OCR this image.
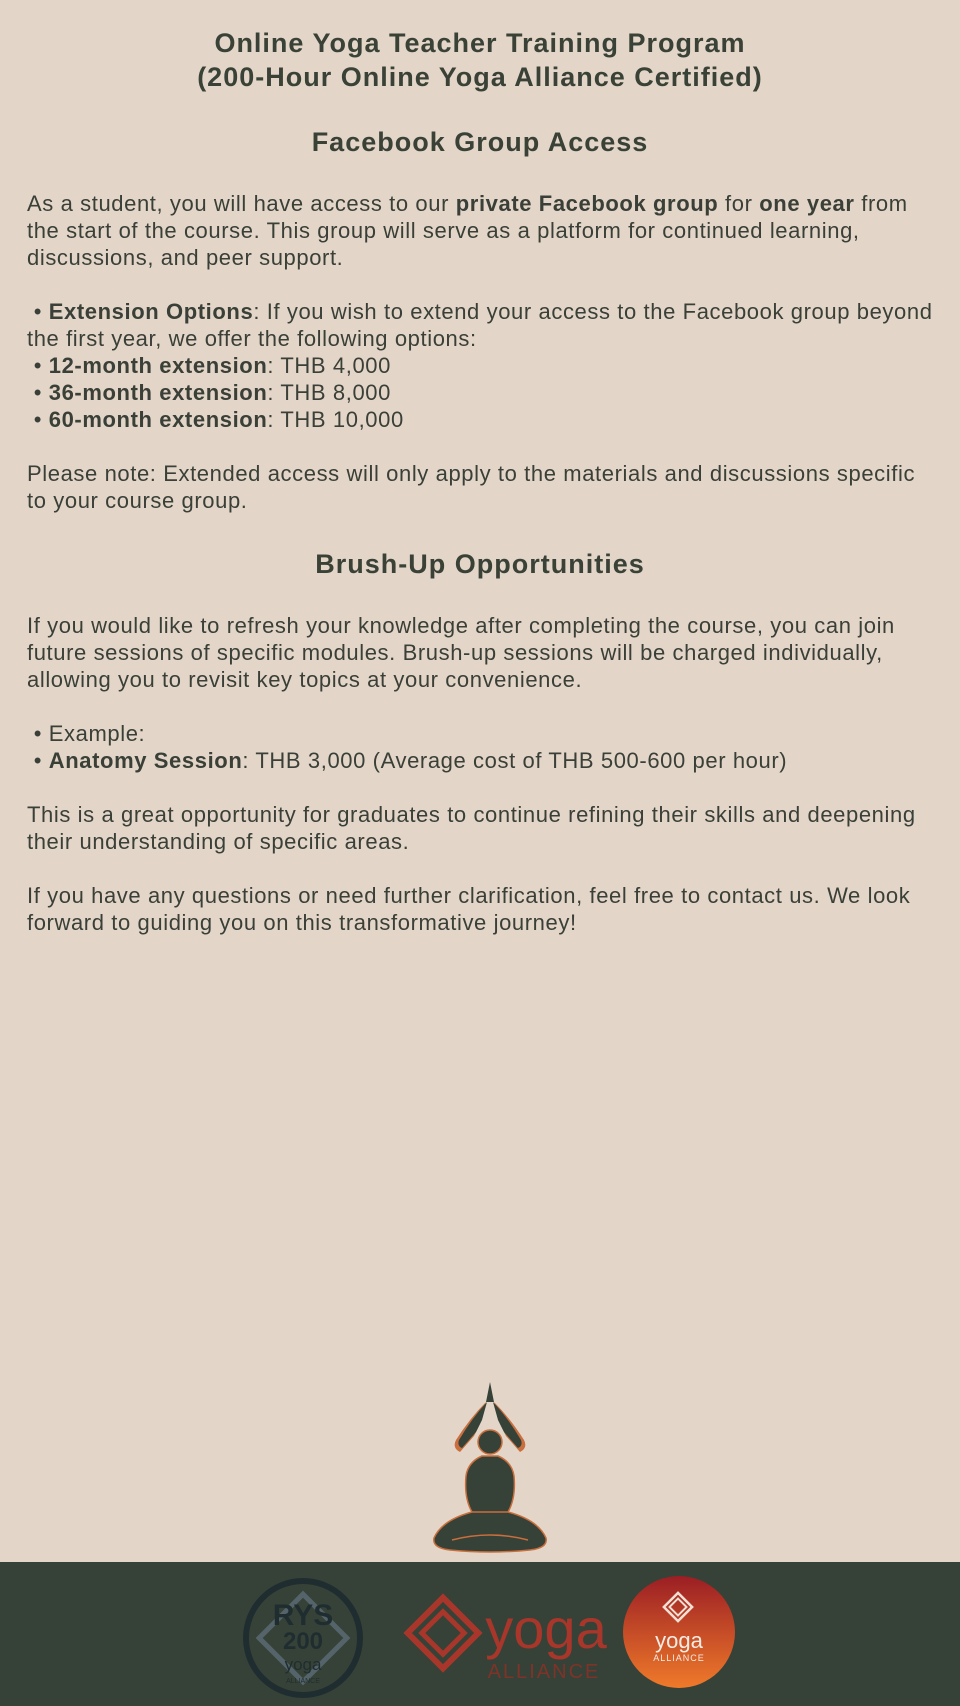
Online Yoga Teacher Training Program
(200-Hour Online Yoga Alliance Certified)
Facebook Group Access

As a student, you will have access to our private Facebook group for one year from the start of the course. This group will serve as a platform for continued learning, discussions, and peer support.

• Extension Options: If you wish to extend your access to the Facebook group beyond the first year, we offer the following options:
• 12-month extension: THB 4,000
• 36-month extension: THB 8,000
• 60-month extension: THB 10,000

Please note: Extended access will only apply to the materials and discussions specific to your course group.

Brush-Up Opportunities

If you would like to refresh your knowledge after completing the course, you can join future sessions of specific modules. Brush-up sessions will be charged individually, allowing you to revisit key topics at your convenience.

• Example:
• Anatomy Session: THB 3,000 (Average cost of THB 500-600 per hour)

This is a great opportunity for graduates to continue refining their skills and deepening their understanding of specific areas.

If you have any questions or need further clarification, feel free to contact us. We look forward to guiding you on this transformative journey!

RYS
200
yoga
ALLIANCE
yoga
ALLIANCE
yoga
ALLIANCE
